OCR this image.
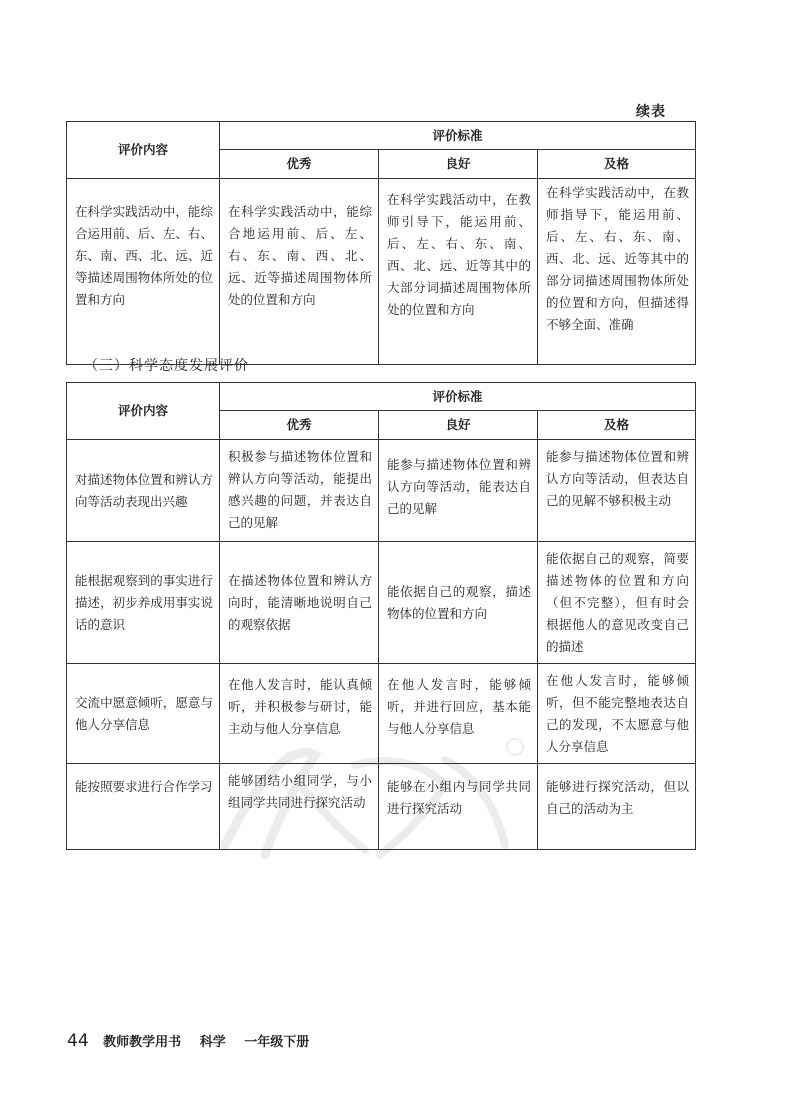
续表
评价内容	评价标准		
	优秀	良好	及格
在科学实践活动中，能综合运用前、后、左、右、东、南、西、北、远、近等描述周围物体所处的位置和方向	在科学实践活动中，能综合地运用前、后、左、右、东、南、西、北、远、近等描述周围物体所处的位置和方向	在科学实践活动中，在教师引导下，能运用前、后、左、右、东、南、西、北、远、近等其中的大部分词描述周围物体所处的位置和方向	在科学实践活动中，在教师指导下，能运用前、后、左、右、东、南、西、北、远、近等其中的部分词描述周围物体所处的位置和方向，但描述得不够全面、准确
（三）科学态度发展评价
评价内容	评价标准		
	优秀	良好	及格
对描述物体位置和辨认方向等活动表现出兴趣	积极参与描述物体位置和辨认方向等活动，能提出感兴趣的问题，并表达自己的见解	能参与描述物体位置和辨认方向等活动，能表达自己的见解	能参与描述物体位置和辨认方向等活动，但表达自己的见解不够积极主动
能根据观察到的事实进行描述，初步养成用事实说话的意识	在描述物体位置和辨认方向时，能清晰地说明自己的观察依据	能依据自己的观察，描述物体的位置和方向	能依据自己的观察，简要描述物体的位置和方向（但不完整），但有时会根据他人的意见改变自己的描述
交流中愿意倾听，愿意与他人分享信息	在他人发言时，能认真倾听，并积极参与研讨，能主动与他人分享信息	在他人发言时，能够倾听，并进行回应，基本能与他人分享信息	在他人发言时，能够倾听，但不能完整地表达自己的发现，不太愿意与他人分享信息
能按照要求进行合作学习	能够团结小组同学，与小组同学共同进行探究活动	能够在小组内与同学共同进行探究活动	能够进行探究活动，但以自己的活动为主
44 教师教学用书 科学 一年级下册
